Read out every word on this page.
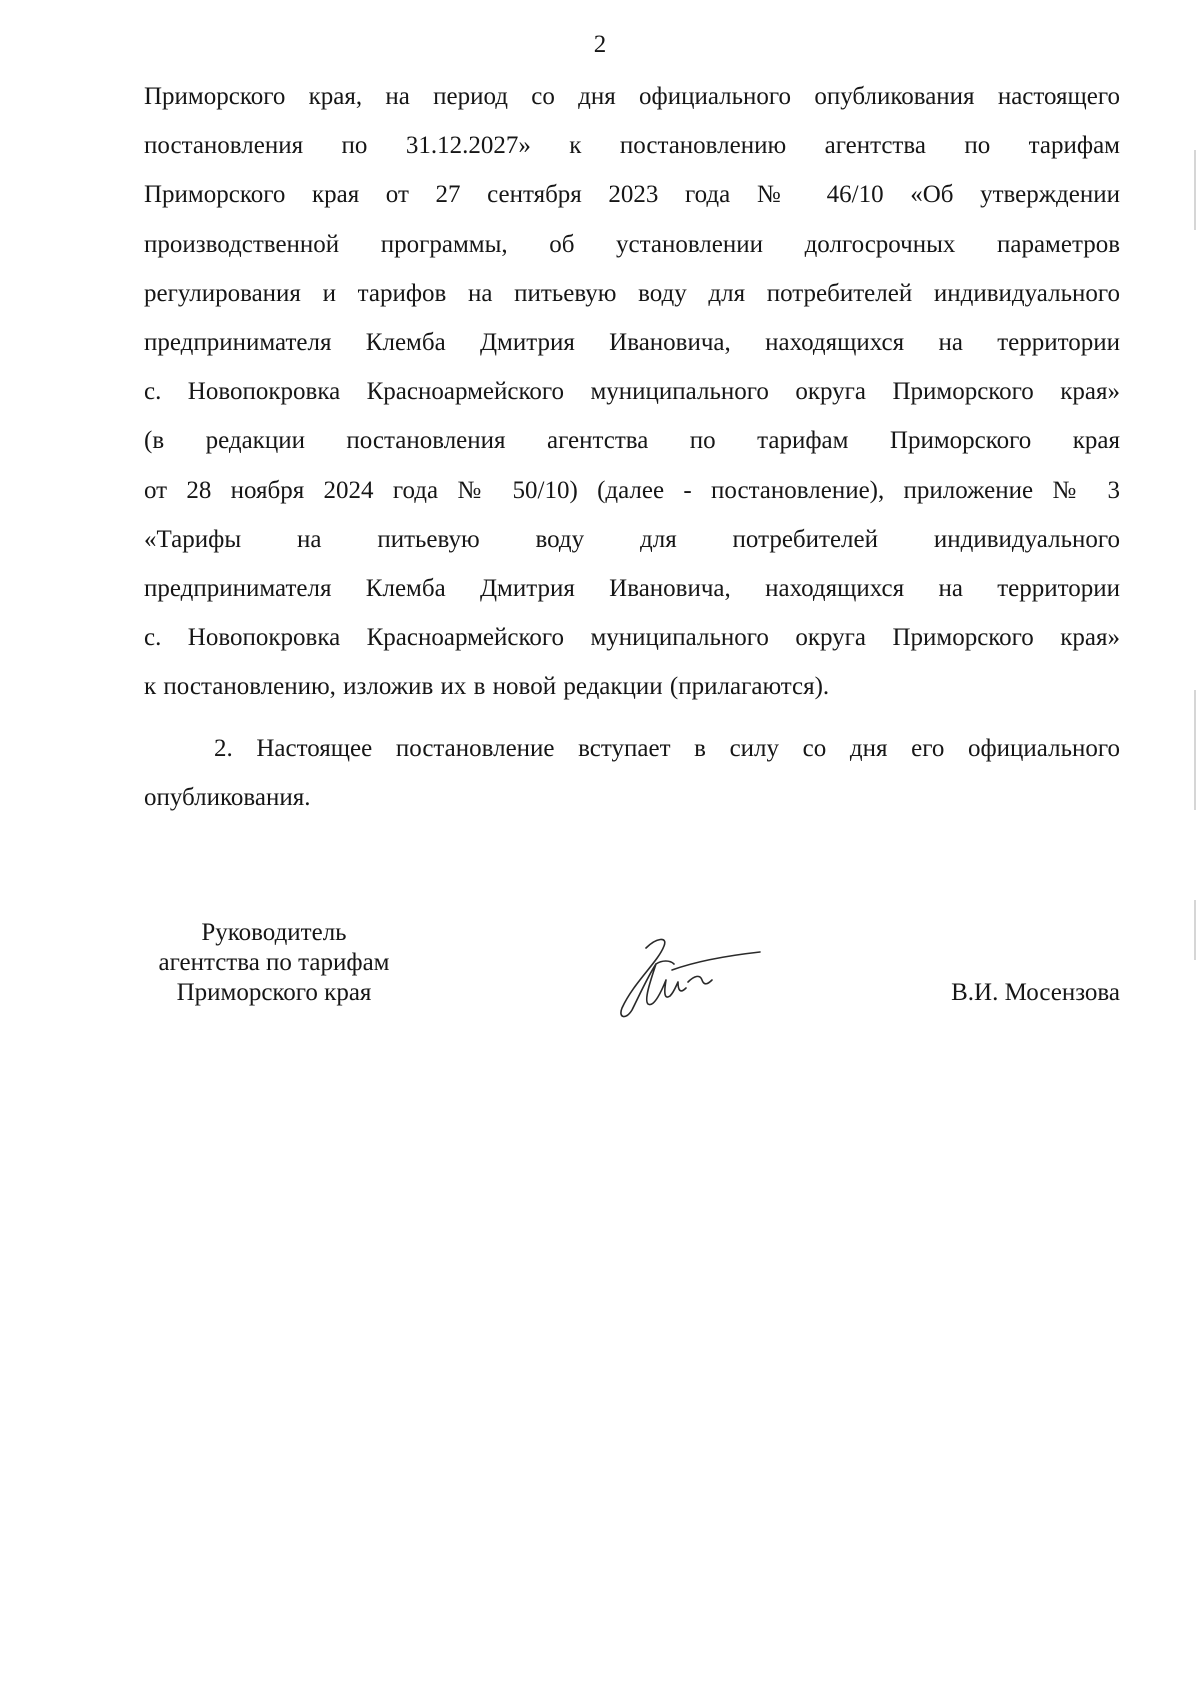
2
Приморского края, на период со дня официального опубликования настоящего
постановления по 31.12.2027» к постановлению агентства по тарифам
Приморского края от 27 сентября 2023 года № 46/10 «Об утверждении
производственной программы, об установлении долгосрочных параметров
регулирования и тарифов на питьевую воду для потребителей индивидуального
предпринимателя Клемба Дмитрия Ивановича, находящихся на территории
с. Новопокровка Красноармейского муниципального округа Приморского края»
(в редакции постановления агентства по тарифам Приморского края
от 28 ноября 2024 года № 50/10) (далее - постановление), приложение № 3
«Тарифы на питьевую воду для потребителей индивидуального
предпринимателя Клемба Дмитрия Ивановича, находящихся на территории
с. Новопокровка Красноармейского муниципального округа Приморского края»
к постановлению, изложив их в новой редакции (прилагаются).
2. Настоящее постановление вступает в силу со дня его официального
опубликования.
Руководитель
агентства по тарифам
Приморского края	В.И. Мосензова
